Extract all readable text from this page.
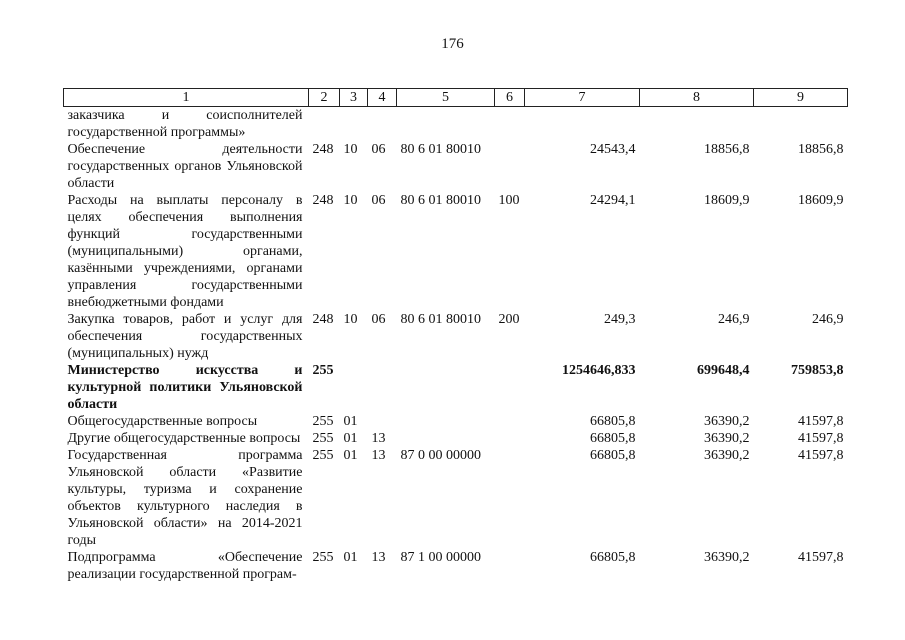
176
1	2	3	4	5	6	7	8	9
заказчика и соисполнителей государственной программы»								
Обеспечение деятельности государственных органов Ульяновской области	248	10	06	80 6 01 80010		24543,4	18856,8	18856,8
Расходы на выплаты персоналу в целях обеспечения выполнения функций государственными (муниципальными) органами, казёнными учреждениями, органами управления государственными внебюджетными фондами	248	10	06	80 6 01 80010	100	24294,1	18609,9	18609,9
Закупка товаров, работ и услуг для обеспечения государственных (муниципальных) нужд	248	10	06	80 6 01 80010	200	249,3	246,9	246,9
Министерство искусства и культурной политики Ульяновской области	255					1254646,833	699648,4	759853,8
Общегосударственные вопросы	255	01				66805,8	36390,2	41597,8
Другие общегосударственные вопросы	255	01	13			66805,8	36390,2	41597,8
Государственная программа Ульяновской области «Развитие культуры, туризма и сохранение объектов культурного наследия в Ульяновской области» на 2014-2021 годы	255	01	13	87 0 00 00000		66805,8	36390,2	41597,8
Подпрограмма «Обеспечение реализации государственной програм-	255	01	13	87 1 00 00000		66805,8	36390,2	41597,8
